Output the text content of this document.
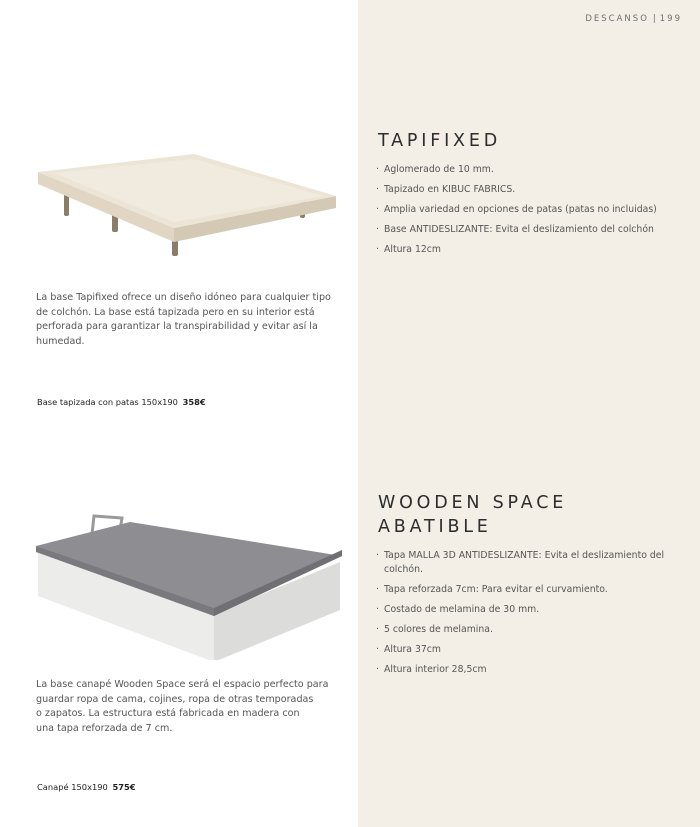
DESCANSO | 199
TAPIFIXED
· Aglomerado de 10 mm.
· Tapizado en KIBUC FABRICS.
· Amplia variedad en opciones de patas (patas no incluidas)
· Base ANTIDESLIZANTE: Evita el deslizamiento del colchón
· Altura 12cm

La base Tapifixed ofrece un diseño idóneo para cualquier tipo de colchón. La base está tapizada pero en su interior está perforada para garantizar la transpirabilidad y evitar así la humedad.

Base tapizada con patas 150x190 358€
WOODEN SPACE
ABATIBLE
· Tapa MALLA 3D ANTIDESLIZANTE: Evita el deslizamiento del colchón.
· Tapa reforzada 7cm: Para evitar el curvamiento.
· Costado de melamina de 30 mm.
· 5 colores de melamina.
· Altura 37cm
· Altura interior 28,5cm

La base canapé Wooden Space será el espacio perfecto para
guardar ropa de cama, cojines, ropa de otras temporadas
o zapatos. La estructura está fabricada en madera con
una tapa reforzada de 7 cm.

Canapé 150x190 575€
